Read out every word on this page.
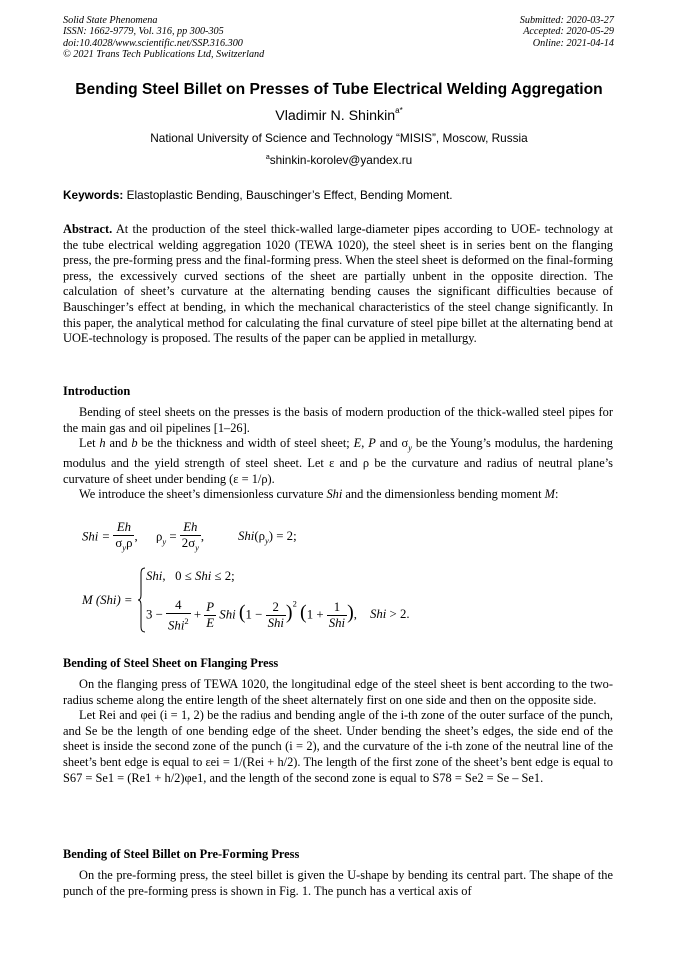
Solid State Phenomena
ISSN: 1662-9779, Vol. 316, pp 300-305
doi:10.4028/www.scientific.net/SSP.316.300
© 2021 Trans Tech Publications Ltd, Switzerland
Submitted: 2020-03-27
Accepted: 2020-05-29
Online: 2021-04-14
Bending Steel Billet on Presses of Tube Electrical Welding Aggregation
Vladimir N. Shinkin$^{a*}$
National University of Science and Technology “MISIS”, Moscow, Russia
$^a$shinkin-korolev@yandex.ru
Keywords: Elastoplastic Bending, Bauschinger’s Effect, Bending Moment.

Abstract. At the production of the steel thick-walled large-diameter pipes according to UOE- technology at the tube electrical welding aggregation 1020 (TEWA 1020), the steel sheet is in series bent on the flanging press, the pre-forming press and the final-forming press. When the steel sheet is deformed on the final-forming press, the excessively curved sections of the sheet are partially unbent in the opposite direction. The calculation of sheet’s curvature at the alternating bending causes the significant difficulties because of Bauschinger’s effect at bending, in which the mechanical characteristics of the steel change significantly. In this paper, the analytical method for calculating the final curvature of steel pipe billet at the alternating bend at UOE-technology is proposed. The results of the paper can be applied in metallurgy.

Introduction

Bending of steel sheets on the presses is the basis of modern production of the thick-walled steel pipes for the main gas and oil pipelines [1–26].

Let h and b be the thickness and width of steel sheet; E, P and $\sigma_y$ be the Young’s modulus, the hardening modulus and the yield strength of steel sheet. Let ε and ρ be the curvature and radius of neutral plane’s curvature of sheet under bending (ε = 1/ρ).

We introduce the sheet’s dimensionless curvature Shi and the dimensionless bending moment M:

Shi = $\frac{Eh}{\sigma_y\rho}$ , $\rho_y = \frac{Eh}{2\sigma_y}$ ,	$Shi(\rho_y) = 2$;
M (Shi) =
Shi,   0 ≤ Shi ≤ 2;
$3 - \frac{4}{Shi^2} + \frac{P}{E}$ Shi $(1 - \frac{2}{\text{Shi}} )^2$ ($1 + \frac{1}{\text{Shi}}$ ), Shi > 2.
Bending of Steel Sheet on Flanging Press

On the flanging press of TEWA 1020, the longitudinal edge of the steel sheet is bent according to the two-radius scheme along the entire length of the sheet alternately first on one side and then on the opposite side.

Let Rei and φei (i = 1, 2) be the radius and bending angle of the i-th zone of the outer surface of the punch, and Se be the length of one bending edge of the sheet. Under bending the sheet’s edges, the side end of the sheet is inside the second zone of the punch (i = 2), and the curvature of the i-th zone of the neutral line of the sheet’s bent edge is equal to εei = 1/(Rei + h/2). The length of the first zone of the sheet’s bent edge is equal to S67 = Se1 = (Re1 + h/2)φe1, and the length of the second zone is equal to S78 = Se2 = Se – Se1.

Bending of Steel Billet on Pre-Forming Press

On the pre-forming press, the steel billet is given the U-shape by bending its central part. The shape of the punch of the pre-forming press is shown in Fig. 1. The punch has a vertical axis of
